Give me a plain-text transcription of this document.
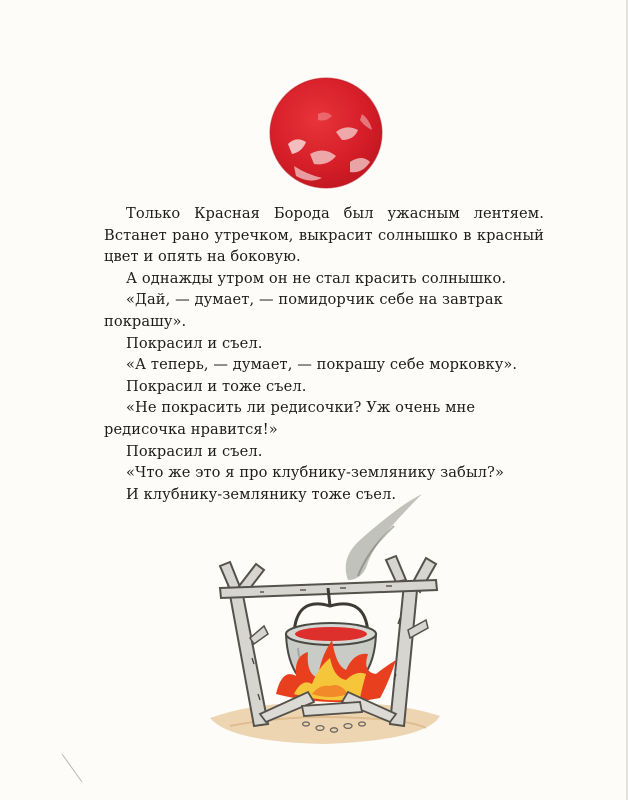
Только Красная Борода был ужасным лентяем. Встанет рано утречком, выкрасит солнышко в красный цвет и опять на боковую.

А однажды утром он не стал красить солнышко.

«Дай, — думает, — помидорчик себе на завтрак покрашу».

Покрасил и съел.

«А теперь, — думает, — покрашу себе морковку».

Покрасил и тоже съел.

«Не покрасить ли редисочки? Уж очень мне редисочка нравится!»

Покрасил и съел.

«Что же это я про клубнику-землянику забыл?»

И клубнику-землянику тоже съел.
